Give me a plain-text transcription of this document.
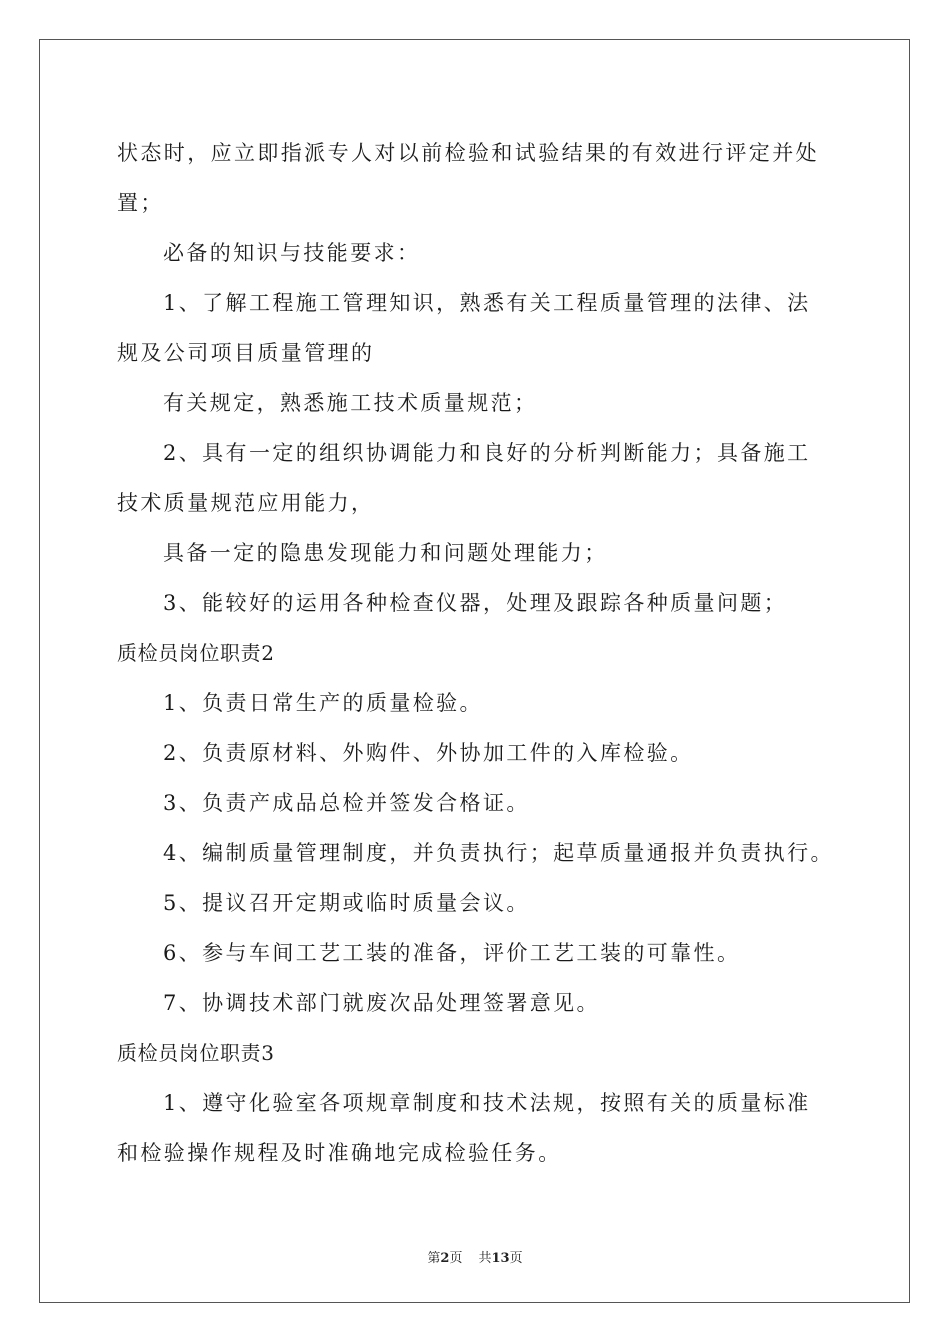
状态时，应立即指派专人对以前检验和试验结果的有效进行评定并处
置；
必备的知识与技能要求：
1、了解工程施工管理知识，熟悉有关工程质量管理的法律、法
规及公司项目质量管理的
有关规定，熟悉施工技术质量规范；
2、具有一定的组织协调能力和良好的分析判断能力；具备施工
技术质量规范应用能力，
具备一定的隐患发现能力和问题处理能力；
3、能较好的运用各种检查仪器，处理及跟踪各种质量问题；
质检员岗位职责2
1、负责日常生产的质量检验。
2、负责原材料、外购件、外协加工件的入库检验。
3、负责产成品总检并签发合格证。
4、编制质量管理制度，并负责执行；起草质量通报并负责执行。
5、提议召开定期或临时质量会议。
6、参与车间工艺工装的准备，评价工艺工装的可靠性。
7、协调技术部门就废次品处理签署意见。
质检员岗位职责3
1、遵守化验室各项规章制度和技术法规，按照有关的质量标准
和检验操作规程及时准确地完成检验任务。
第2页 共13页
